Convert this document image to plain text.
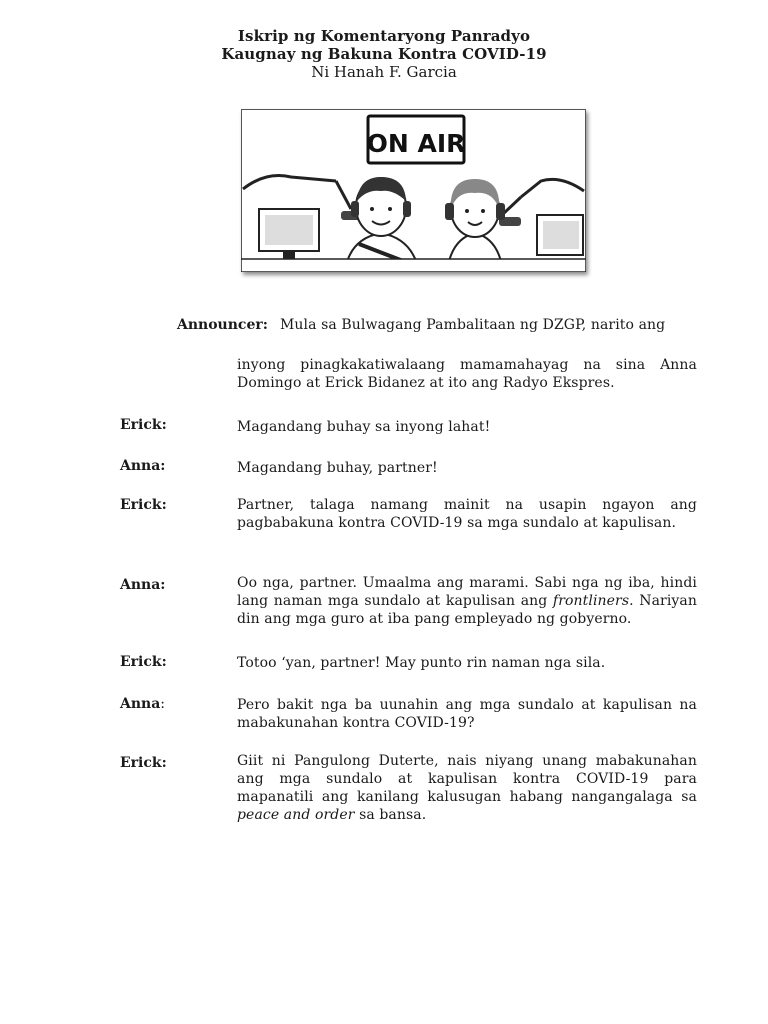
Iskrip ng Komentaryong Panradyo
Kaugnay ng Bakuna Kontra COVID-19
Ni Hanah F. Garcia
ON AIR
Announcer: Mula sa Bulwagang Pambalitaan ng DZGP, narito ang
inyong pinagkakatiwalaang mamamahayag na sina Anna Domingo at Erick Bidanez at ito ang Radyo Ekspres.
Erick:	Magandang buhay sa inyong lahat!
Anna:	Magandang buhay, partner!
Erick:	Partner, talaga namang mainit na usapin ngayon ang pagbabakuna kontra COVID-19 sa mga sundalo at kapulisan.
Anna:	Oo nga, partner. Umaalma ang marami. Sabi nga ng iba, hindi lang naman mga sundalo at kapulisan ang frontliners. Nariyan din ang mga guro at iba pang empleyado ng gobyerno.
Erick:	Totoo ‘yan, partner! May punto rin naman nga sila.
Anna:	Pero bakit nga ba uunahin ang mga sundalo at kapulisan na mabakunahan kontra COVID-19?
Erick:	Giit ni Pangulong Duterte, nais niyang unang mabakunahan ang mga sundalo at kapulisan kontra COVID-19 para mapanatili ang kanilang kalusugan habang nangangalaga sa peace and order sa bansa.
